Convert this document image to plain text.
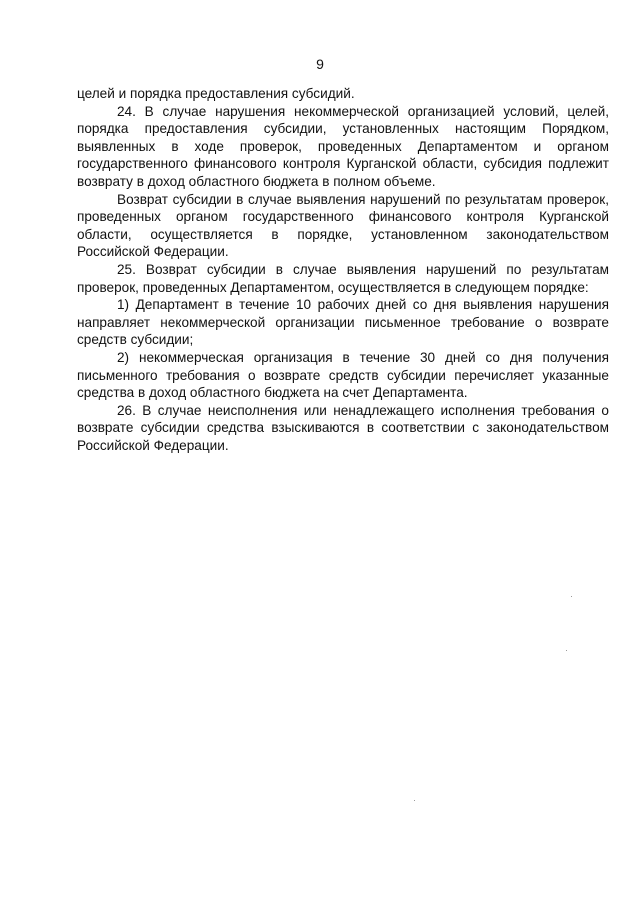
9

целей и порядка предоставления субсидий.

24. В случае нарушения некоммерческой организацией условий, целей, порядка предоставления субсидии, установленных настоящим Порядком, выявленных в ходе проверок, проведенных Департаментом и органом государственного финансового контроля Курганской области, субсидия подлежит возврату в доход областного бюджета в полном объеме.

Возврат субсидии в случае выявления нарушений по результатам проверок, проведенных органом государственного финансового контроля Курганской области, осуществляется в порядке, установленном законодательством Российской Федерации.

25. Возврат субсидии в случае выявления нарушений по результатам проверок, проведенных Департаментом, осуществляется в следующем порядке:

1) Департамент в течение 10 рабочих дней со дня выявления нарушения направляет некоммерческой организации письменное требование о возврате средств субсидии;

2) некоммерческая организация в течение 30 дней со дня получения письменного требования о возврате средств субсидии перечисляет указанные средства в доход областного бюджета на счет Департамента.

26. В случае неисполнения или ненадлежащего исполнения требования о возврате субсидии средства взыскиваются в соответствии с законодательством Российской Федерации.
